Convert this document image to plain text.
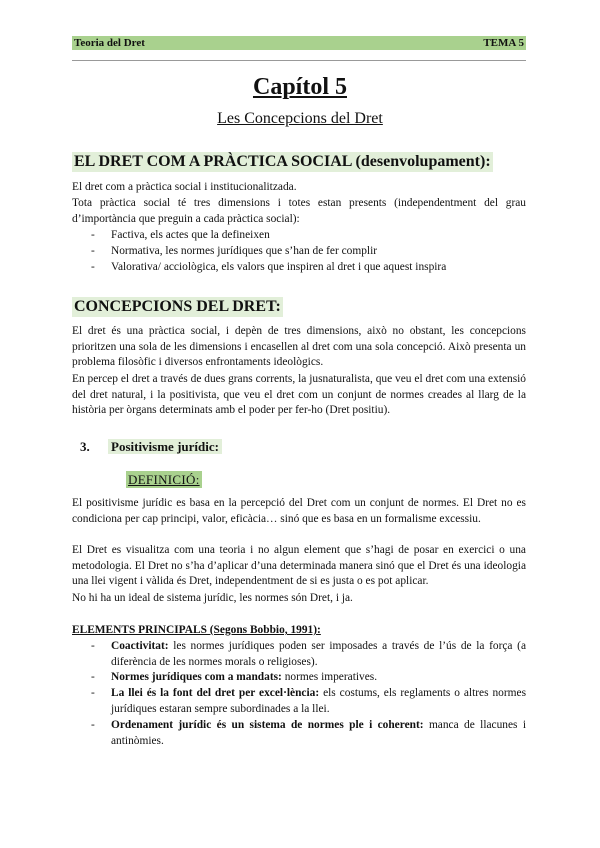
Teoria del Dret	TEMA 5
Capítol 5
Les Concepcions del Dret
EL DRET COM A PRÀCTICA SOCIAL (desenvolupament):
El dret com a pràctica social i institucionalitzada.
Tota pràctica social té tres dimensions i totes estan presents (independentment del grau d’importància que preguin a cada pràctica social):
- Factiva, els actes que la defineixen
- Normativa, les normes jurídiques que s’han de fer complir
- Valorativa/ acciològica, els valors que inspiren al dret i que aquest inspira
CONCEPCIONS DEL DRET:
El dret és una pràctica social, i depèn de tres dimensions, això no obstant, les concepcions prioritzen una sola de les dimensions i encasellen al dret com una sola concepció. Això presenta un problema filosòfic i diversos enfrontaments ideològics.
En percep el dret a través de dues grans corrents, la jusnaturalista, que veu el dret com una extensió del dret natural, i la positivista, que veu el dret com un conjunt de normes creades al llarg de la història per òrgans determinats amb el poder per fer-ho (Dret positiu).
3. Positivisme jurídic:
DEFINICIÓ:
El positivisme jurídic es basa en la percepció del Dret com un conjunt de normes. El Dret no es condiciona per cap principi, valor, eficàcia… sinó que es basa en un formalisme excessiu.
El Dret es visualitza com una teoria i no algun element que s’hagi de posar en exercici o una metodologia. El Dret no s’ha d’aplicar d’una determinada manera sinó que el Dret és una ideologia una llei vigent i vàlida és Dret, independentment de si es justa o es pot aplicar.
No hi ha un ideal de sistema jurídic, les normes són Dret, i ja.
ELEMENTS PRINCIPALS (Segons Bobbio, 1991):
- Coactivitat: les normes jurídiques poden ser imposades a través de l’ús de la força (a diferència de les normes morals o religioses).
- Normes jurídiques com a mandats: normes imperatives.
- La llei és la font del dret per excel·lència: els costums, els reglaments o altres normes jurídiques estaran sempre subordinades a la llei.
- Ordenament jurídic és un sistema de normes ple i coherent: manca de llacunes i antinòmies.
